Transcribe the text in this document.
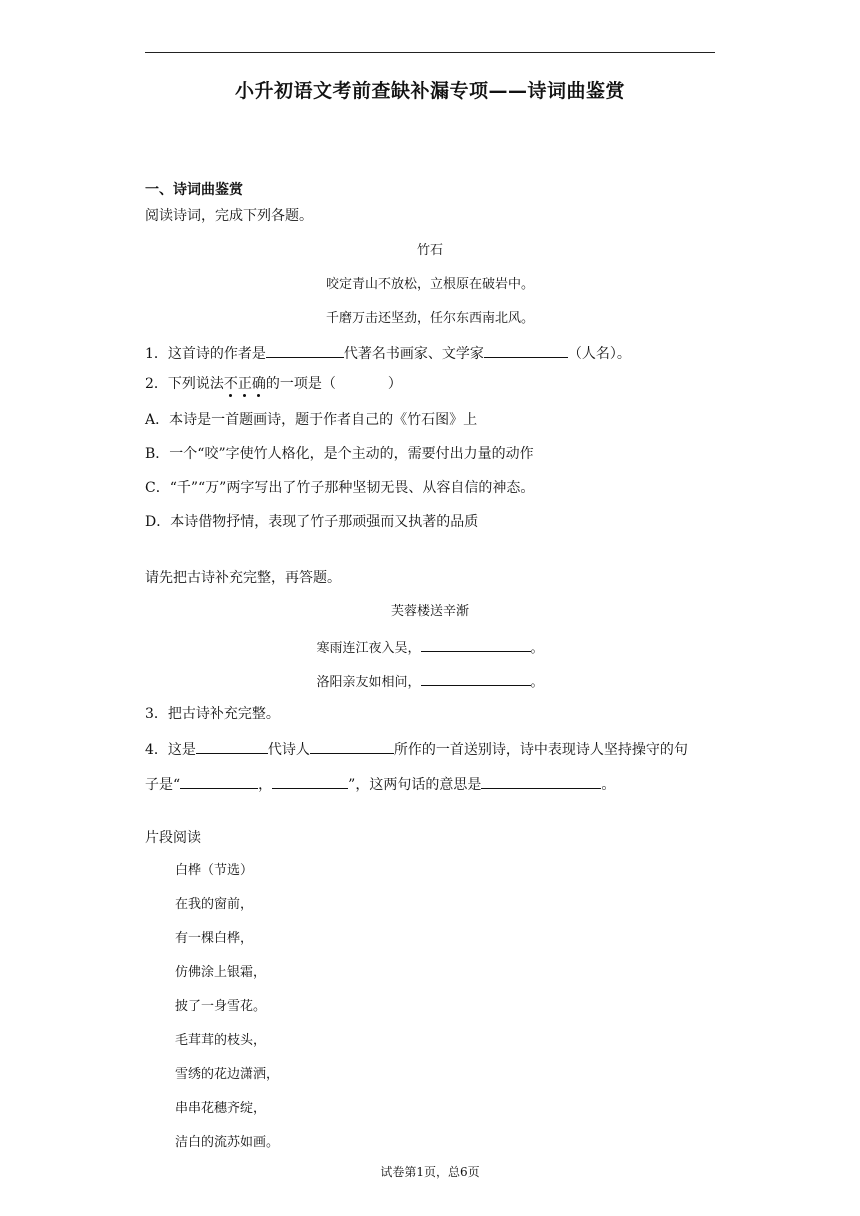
小升初语文考前查缺补漏专项——诗词曲鉴赏
一、诗词曲鉴赏
阅读诗词，完成下列各题。
竹石
咬定青山不放松，立根原在破岩中。
千磨万击还坚劲，任尔东西南北风。
1．这首诗的作者是	代著名书画家、文学家	（人名）。
2．下列说法不正确的一项是（	）
A．本诗是一首题画诗，题于作者自己的《竹石图》上
B．一个“咬”字使竹人格化，是个主动的，需要付出力量的动作
C．“千”“万”两字写出了竹子那种坚韧无畏、从容自信的神态。
D．本诗借物抒情，表现了竹子那顽强而又执著的品质
请先把古诗补充完整，再答题。
芙蓉楼送辛渐
寒雨连江夜入吴，	。
洛阳亲友如相问，	。
3．把古诗补充完整。
4．这是	代诗人	所作的一首送别诗，诗中表现诗人坚持操守的句
子是“	，	”，这两句话的意思是	。
片段阅读
白桦（节选）
在我的窗前，
有一棵白桦，
仿佛涂上银霜，
披了一身雪花。
毛茸茸的枝头，
雪绣的花边潇洒，
串串花穗齐绽，
洁白的流苏如画。
试卷第1页，总6页
